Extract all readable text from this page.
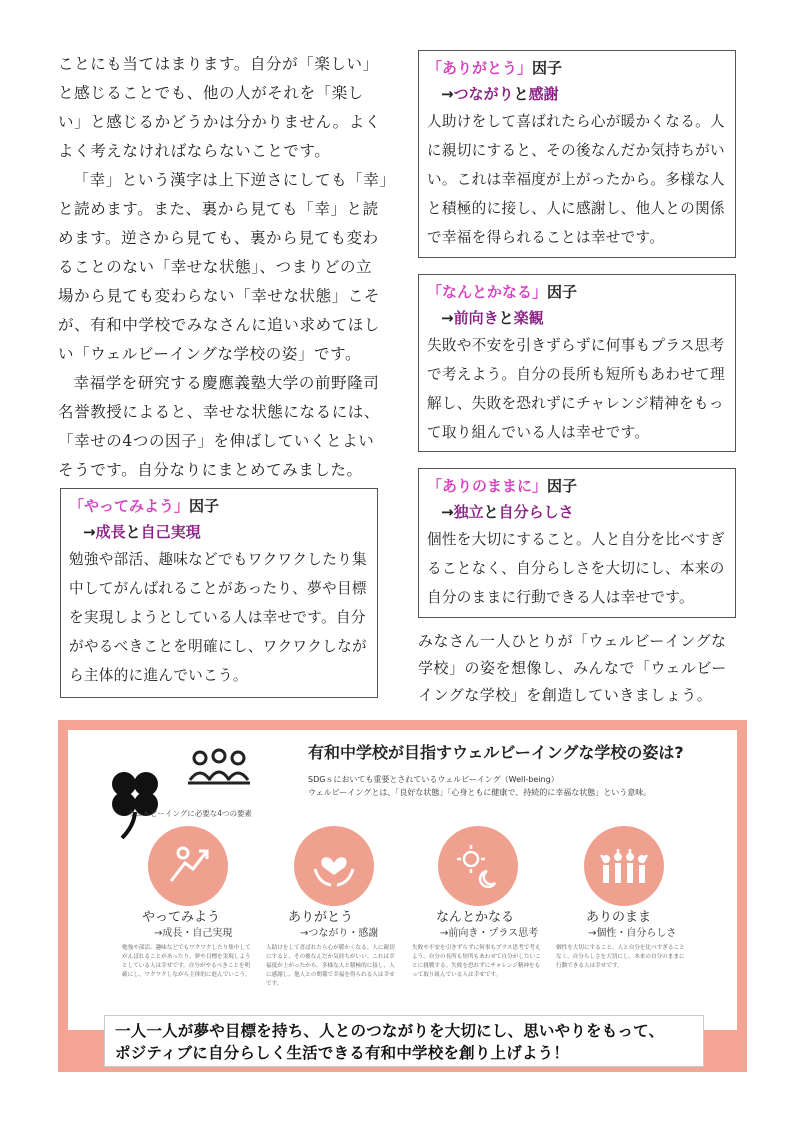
ことにも当てはまります。自分が「楽しい」と感じることでも、他の人がそれを「楽しい」と感じるかどうかは分かりません。よくよく考えなければならないことです。

「幸」という漢字は上下逆さにしても「幸」と読めます。また、裏から見ても「幸」と読めます。逆さから見ても、裏から見ても変わることのない「幸せな状態」、つまりどの立場から見ても変わらない「幸せな状態」こそが、有和中学校でみなさんに追い求めてほしい「ウェルビーイングな学校の姿」です。

幸福学を研究する慶應義塾大学の前野隆司名誉教授によると、幸せな状態になるには、「幸せの4つの因子」を伸ばしていくとよいそうです。自分なりにまとめてみました。

「やってみよう」因子
→成長と自己実現
勉強や部活、趣味などでもワクワクしたり集中してがんばれることがあったり、夢や目標を実現しようとしている人は幸せです。自分がやるべきことを明確にし、ワクワクしながら主体的に進んでいこう。
「ありがとう」因子
→つながりと感謝
人助けをして喜ばれたら心が暖かくなる。人に親切にすると、その後なんだか気持ちがいい。これは幸福度が上がったから。多様な人と積極的に接し、人に感謝し、他人との関係で幸福を得られることは幸せです。
「なんとかなる」因子
→前向きと楽観
失敗や不安を引きずらずに何事もプラス思考で考えよう。自分の長所も短所もあわせて理解し、失敗を恐れずにチャレンジ精神をもって取り組んでいる人は幸せです。
「ありのままに」因子
→独立と自分らしさ
個性を大切にすること。人と自分を比べすぎることなく、自分らしさを大切にし、本来の自分のままに行動できる人は幸せです。
みなさん一人ひとりが「ウェルビーイングな学校」の姿を想像し、みんなで「ウェルビーイングな学校」を創造していきましょう。
有和中学校が目指すウェルビーイングな学校の姿は?
SDGｓにおいても重要とされているウェルビーイング（Well-being）
ウェルビーイングとは、「良好な状態」「心身ともに健康で、持続的に幸福な状態」という意味。
ウェルビーイングに必要な4つの要素
やってみよう
→成長・自己実現
ありがとう
→つながり・感謝
なんとかなる
→前向き・プラス思考
ありのまま
→個性・自分らしさ
勉強や部活、趣味などでもワクワクしたり集中してがんばれることがあったり、夢や目標を実現しようとしている人は幸せです。自分がやるべきことを明確にし、ワクワクしながら主体的に進んでいこう。
人助けをして喜ばれたら心が暖かくなる。人に親切にすると、その後なんだか気持ちがいい。これは幸福度が上がったから。多様な人と積極的に接し、人に感謝し、他人との関係で幸福を得られる人は幸せです。
失敗や不安を引きずらずに何事もプラス思考で考えよう。自分の長所も短所もあわせて自分がしたいことに挑戦する。失敗を恐れずにチャレンジ精神をもって取り組んでいる人は幸せです。
個性を大切にすること。人と自分を比べすぎることなく、自分らしさを大切にし、本来の自分のままに行動できる人は幸せです。
一人一人が夢や目標を持ち、人とのつながりを大切にし、思いやりをもって、
ポジティブに自分らしく生活できる有和中学校を創り上げよう！
